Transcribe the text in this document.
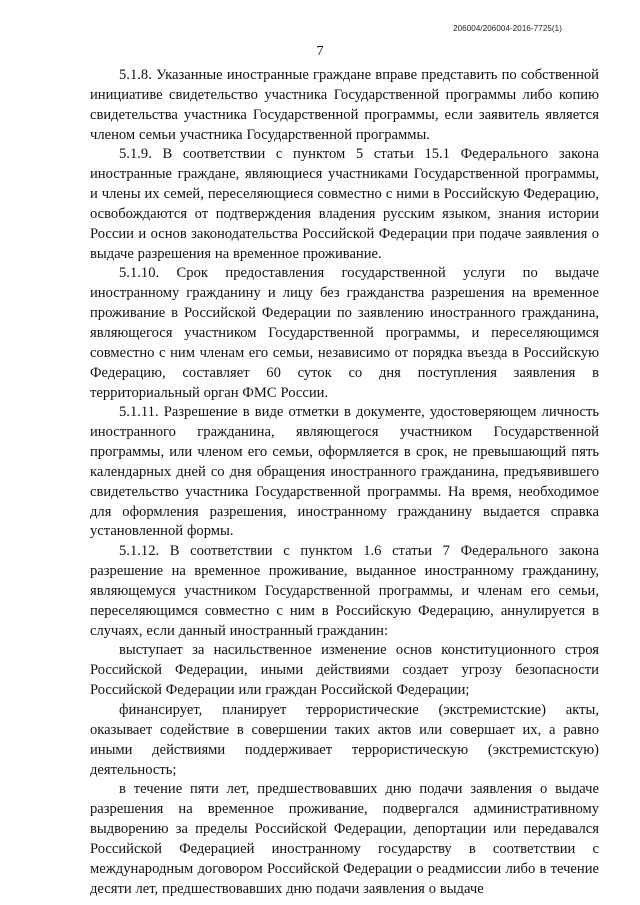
206004/206004-2016-7725(1)
7

5.1.8. Указанные иностранные граждане вправе представить по собственной инициативе свидетельство участника Государственной программы либо копию свидетельства участника Государственной программы, если заявитель является членом семьи участника Государственной программы.

5.1.9. В соответствии с пунктом 5 статьи 15.1 Федерального закона иностранные граждане, являющиеся участниками Государственной программы, и члены их семей, переселяющиеся совместно с ними в Российскую Федерацию, освобождаются от подтверждения владения русским языком, знания истории России и основ законодательства Российской Федерации при подаче заявления о выдаче разрешения на временное проживание.

5.1.10. Срок предоставления государственной услуги по выдаче иностранному гражданину и лицу без гражданства разрешения на временное проживание в Российской Федерации по заявлению иностранного гражданина, являющегося участником Государственной программы, и переселяющимся совместно с ним членам его семьи, независимо от порядка въезда в Российскую Федерацию, составляет 60 суток со дня поступления заявления в территориальный орган ФМС России.

5.1.11. Разрешение в виде отметки в документе, удостоверяющем личность иностранного гражданина, являющегося участником Государственной программы, или членом его семьи, оформляется в срок, не превышающий пять календарных дней со дня обращения иностранного гражданина, предъявившего свидетельство участника Государственной программы. На время, необходимое для оформления разрешения, иностранному гражданину выдается справка установленной формы.

5.1.12. В соответствии с пунктом 1.6 статьи 7 Федерального закона разрешение на временное проживание, выданное иностранному гражданину, являющемуся участником Государственной программы, и членам его семьи, переселяющимся совместно с ним в Российскую Федерацию, аннулируется в случаях, если данный иностранный гражданин:

выступает за насильственное изменение основ конституционного строя Российской Федерации, иными действиями создает угрозу безопасности Российской Федерации или граждан Российской Федерации;

финансирует, планирует террористические (экстремистские) акты, оказывает содействие в совершении таких актов или совершает их, а равно иными действиями поддерживает террористическую (экстремистскую) деятельность;

в течение пяти лет, предшествовавших дню подачи заявления о выдаче разрешения на временное проживание, подвергался административному выдворению за пределы Российской Федерации, депортации или передавался Российской Федерацией иностранному государству в соответствии с международным договором Российской Федерации о реадмиссии либо в течение десяти лет, предшествовавших дню подачи заявления о выдаче
